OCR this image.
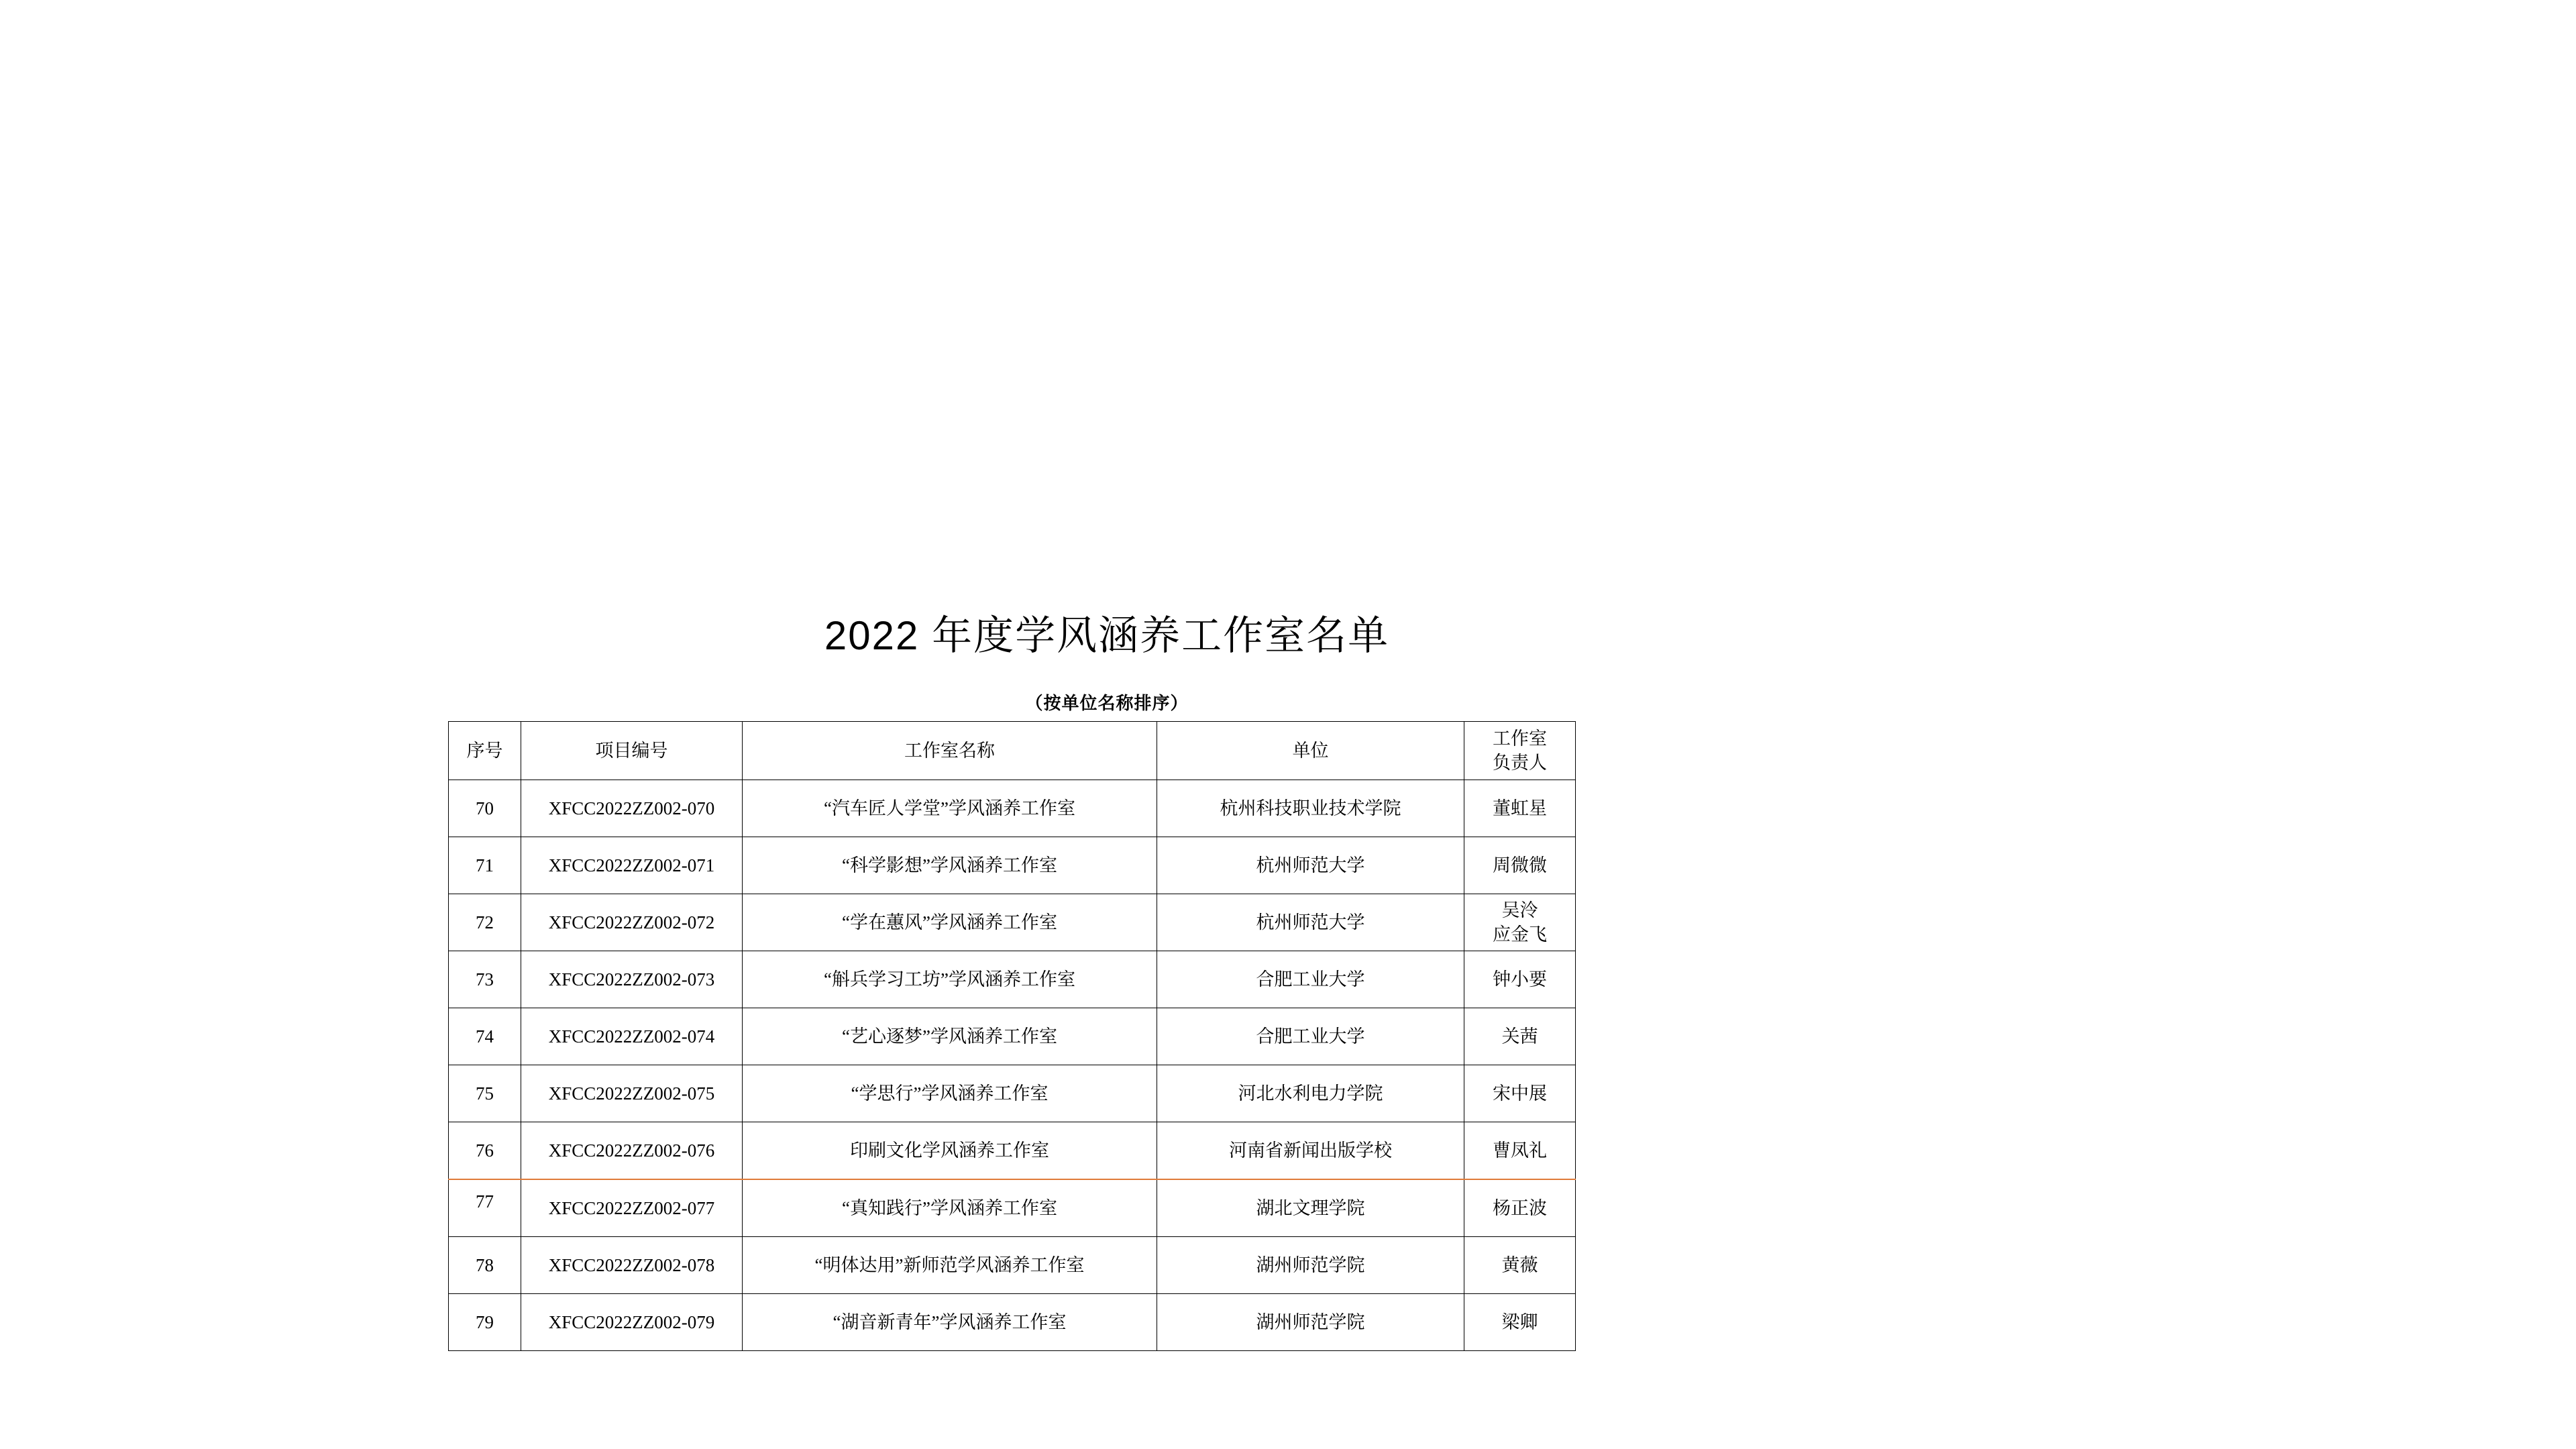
2022 年度学风涵养工作室名单
（按单位名称排序）
序号	项目编号	工作室名称	单位	工作室
负责人
70	XFCC2022ZZ002-070	“汽车匠人学堂”学风涵养工作室	杭州科技职业技术学院	董虹星
71	XFCC2022ZZ002-071	“科学影想”学风涵养工作室	杭州师范大学	周微微
72	XFCC2022ZZ002-072	“学在蕙风”学风涵养工作室	杭州师范大学	吴泠
应金飞

73	XFCC2022ZZ002-073	“斛兵学习工坊”学风涵养工作室	合肥工业大学	钟小要
74	XFCC2022ZZ002-074	“艺心逐梦”学风涵养工作室	合肥工业大学	关茜
75	XFCC2022ZZ002-075	“学思行”学风涵养工作室	河北水利电力学院	宋中展
76	XFCC2022ZZ002-076	印刷文化学风涵养工作室	河南省新闻出版学校	曹凤礼
77	XFCC2022ZZ002-077	“真知践行”学风涵养工作室	湖北文理学院	杨正波
78	XFCC2022ZZ002-078	“明体达用”新师范学风涵养工作室	湖州师范学院	黄薇
79	XFCC2022ZZ002-079	“湖音新青年”学风涵养工作室	湖州师范学院	梁卿
